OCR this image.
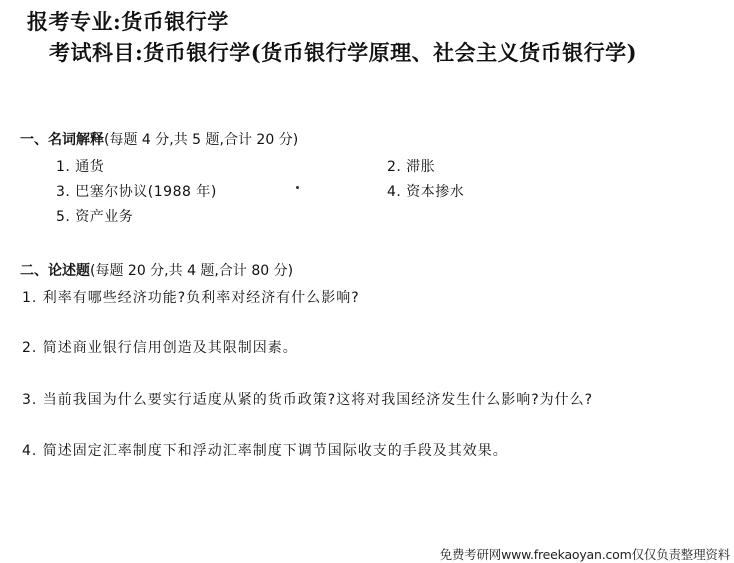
报考专业:货币银行学
考试科目:货币银行学(货币银行学原理、社会主义货币银行学)
一、名词解释(每题 4 分,共 5 题,合计 20 分)
1. 通货	2. 滞胀
3. 巴塞尔协议(1988 年)	4. 资本掺水
5. 资产业务
二、论述题(每题 20 分,共 4 题,合计 80 分)
1. 利率有哪些经济功能?负利率对经济有什么影响?
2. 简述商业银行信用创造及其限制因素。
3. 当前我国为什么要实行适度从紧的货币政策?这将对我国经济发生什么影响?为什么?
4. 简述固定汇率制度下和浮动汇率制度下调节国际收支的手段及其效果。
免费考研网www.freekaoyan.com仅仅负责整理资料
